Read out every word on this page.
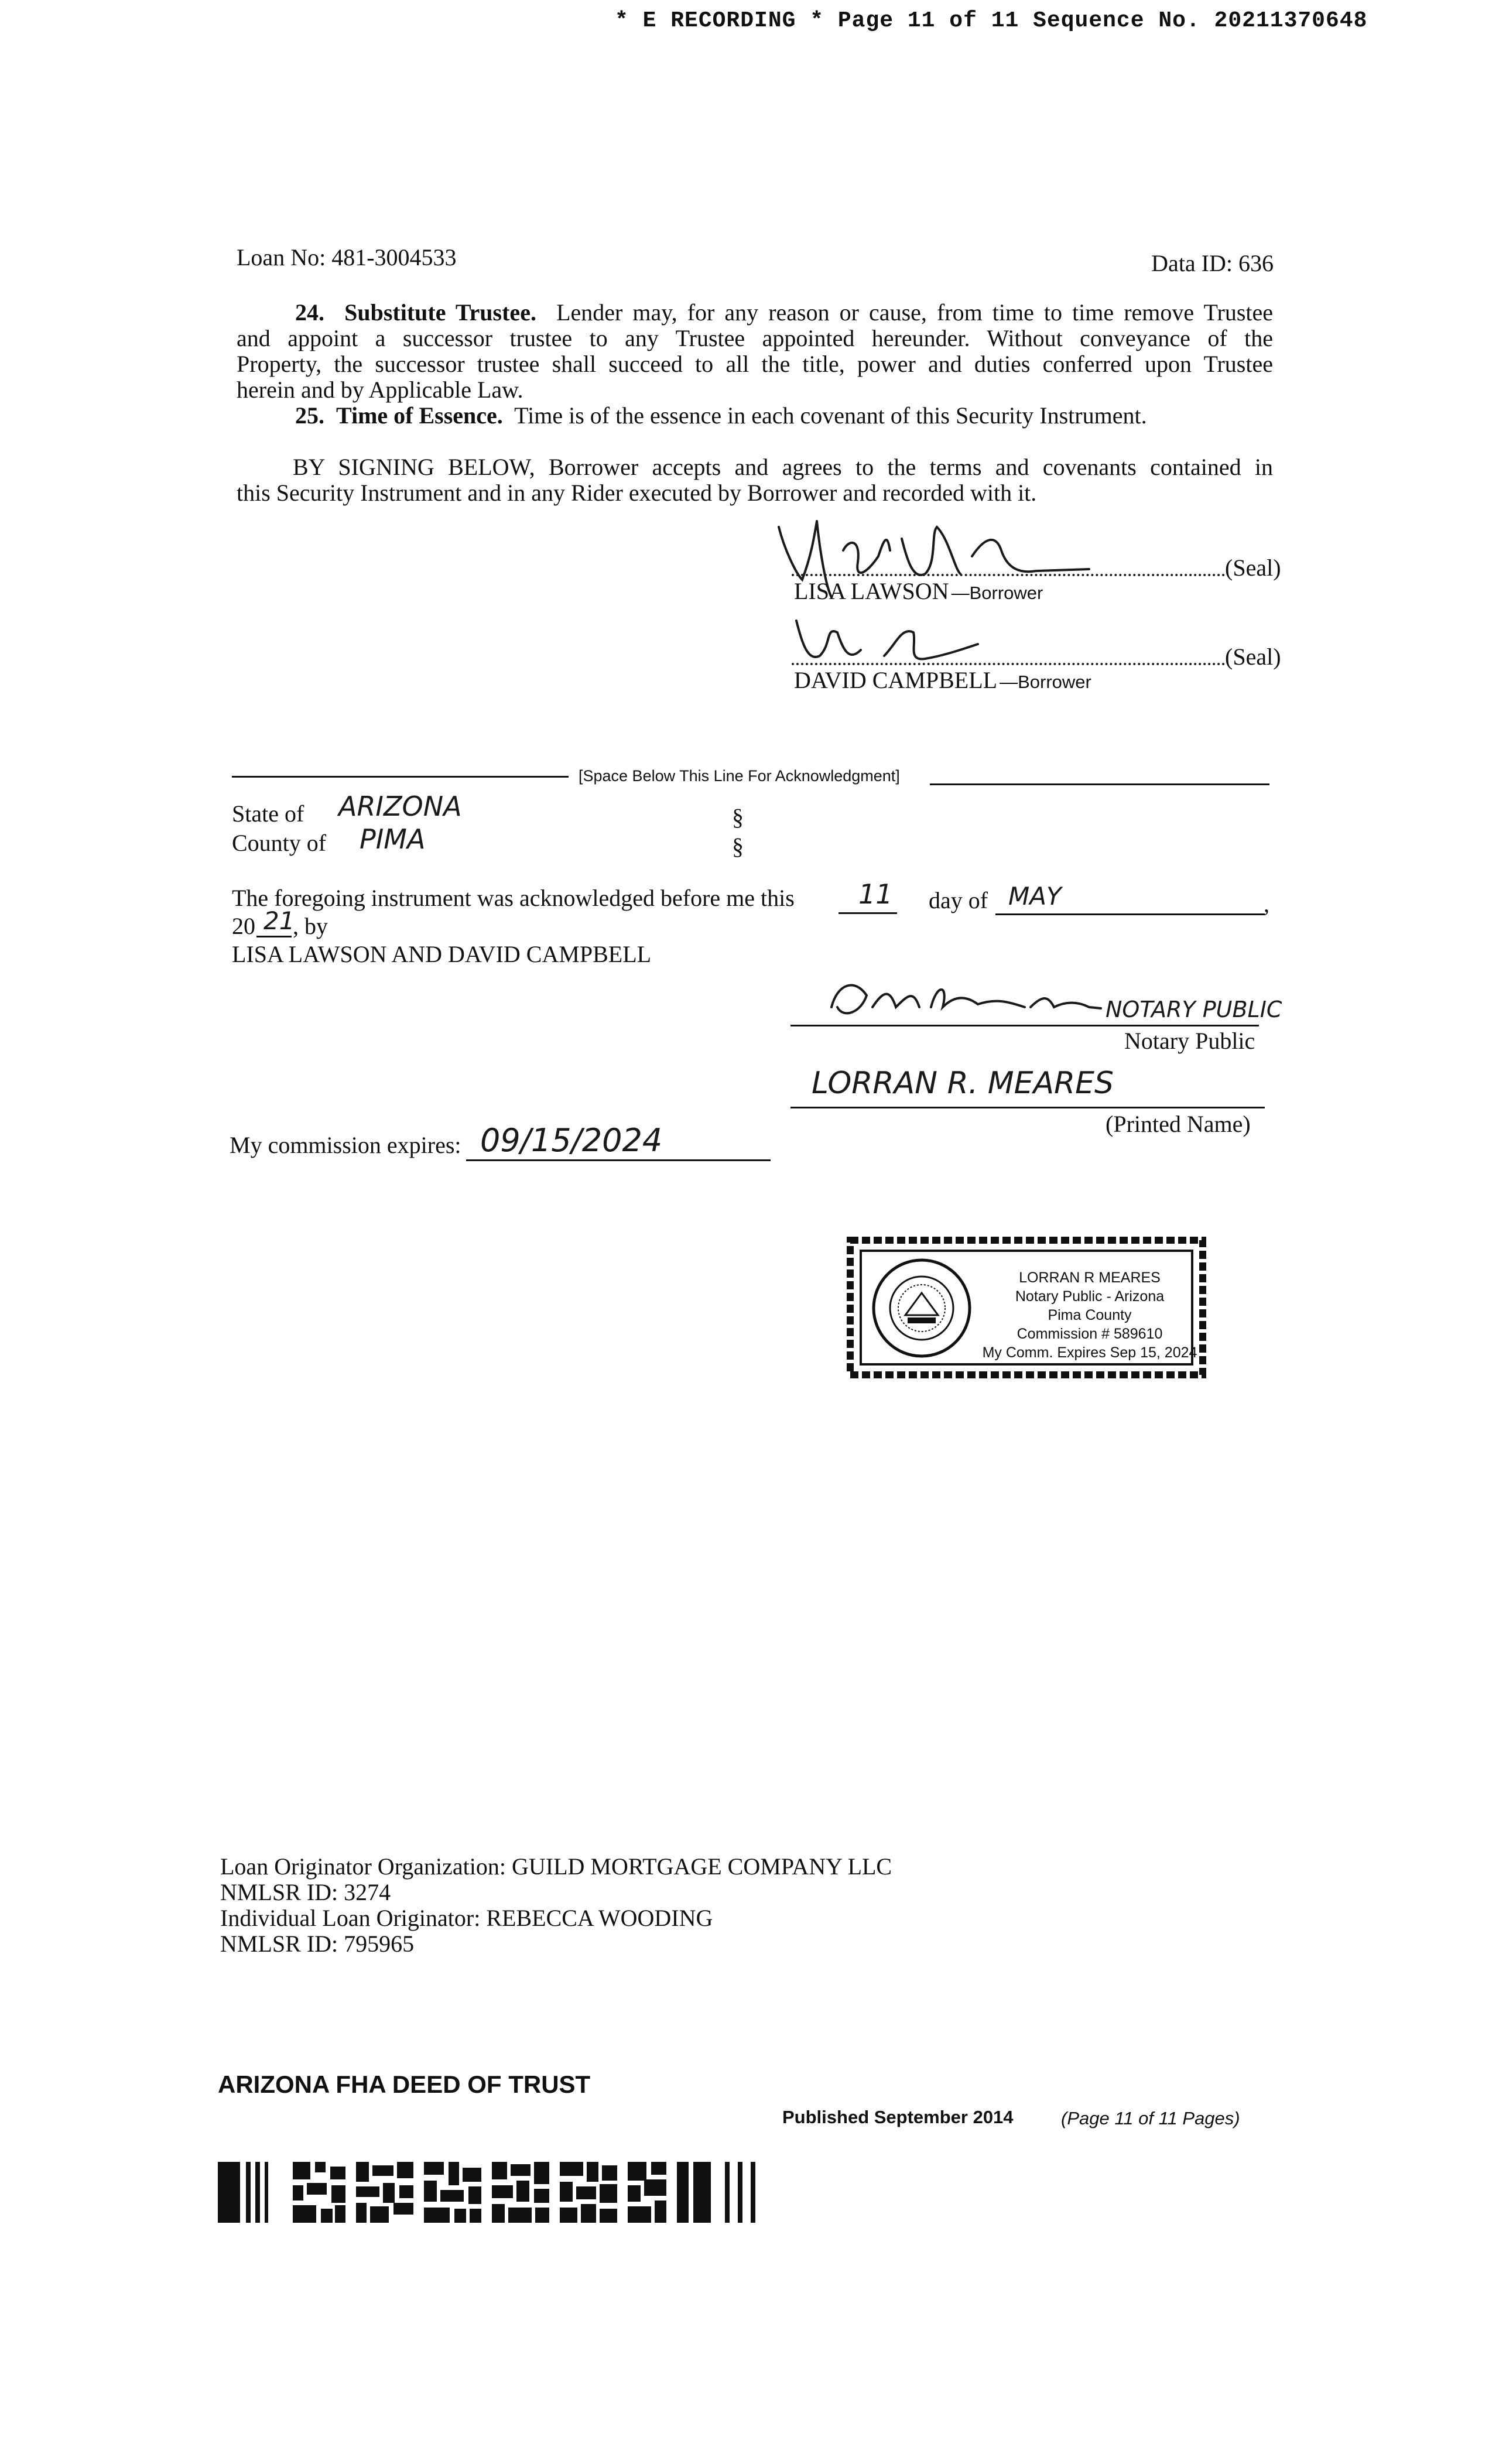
* E RECORDING * Page 11 of 11 Sequence No. 20211370648
Loan No: 481-3004533	Data ID: 636
24. Substitute Trustee. Lender may, for any reason or cause, from time to time remove Trustee
and appoint a successor trustee to any Trustee appointed hereunder. Without conveyance of the
Property, the successor trustee shall succeed to all the title, power and duties conferred upon Trustee
herein and by Applicable Law.
25. Time of Essence. Time is of the essence in each covenant of this Security Instrument.
BY SIGNING BELOW, Borrower accepts and agrees to the terms and covenants contained in
this Security Instrument and in any Rider executed by Borrower and recorded with it.
(Seal)
LISA LAWSON —Borrower
(Seal)
DAVID CAMPBELL —Borrower
[Space Below This Line For Acknowledgment]
State of ARIZONA	§
County of PIMA	§
The foregoing instrument was acknowledged before me this 11 day of MAY	,
20 21
, by
LISA LAWSON AND DAVID CAMPBELL
NOTARY PUBLIC
Notary Public
LORRAN R. MEARES
(Printed Name)
My commission expires: 09/15/2024
LORRAN R MEARES
Notary Public - Arizona
Pima County
Commission # 589610
My Comm. Expires Sep 15, 2024
Loan Originator Organization: GUILD MORTGAGE COMPANY LLC
NMLSR ID: 3274
Individual Loan Originator: REBECCA WOODING
NMLSR ID: 795965
ARIZONA FHA DEED OF TRUST
Published September 2014	(Page 11 of 11 Pages)
